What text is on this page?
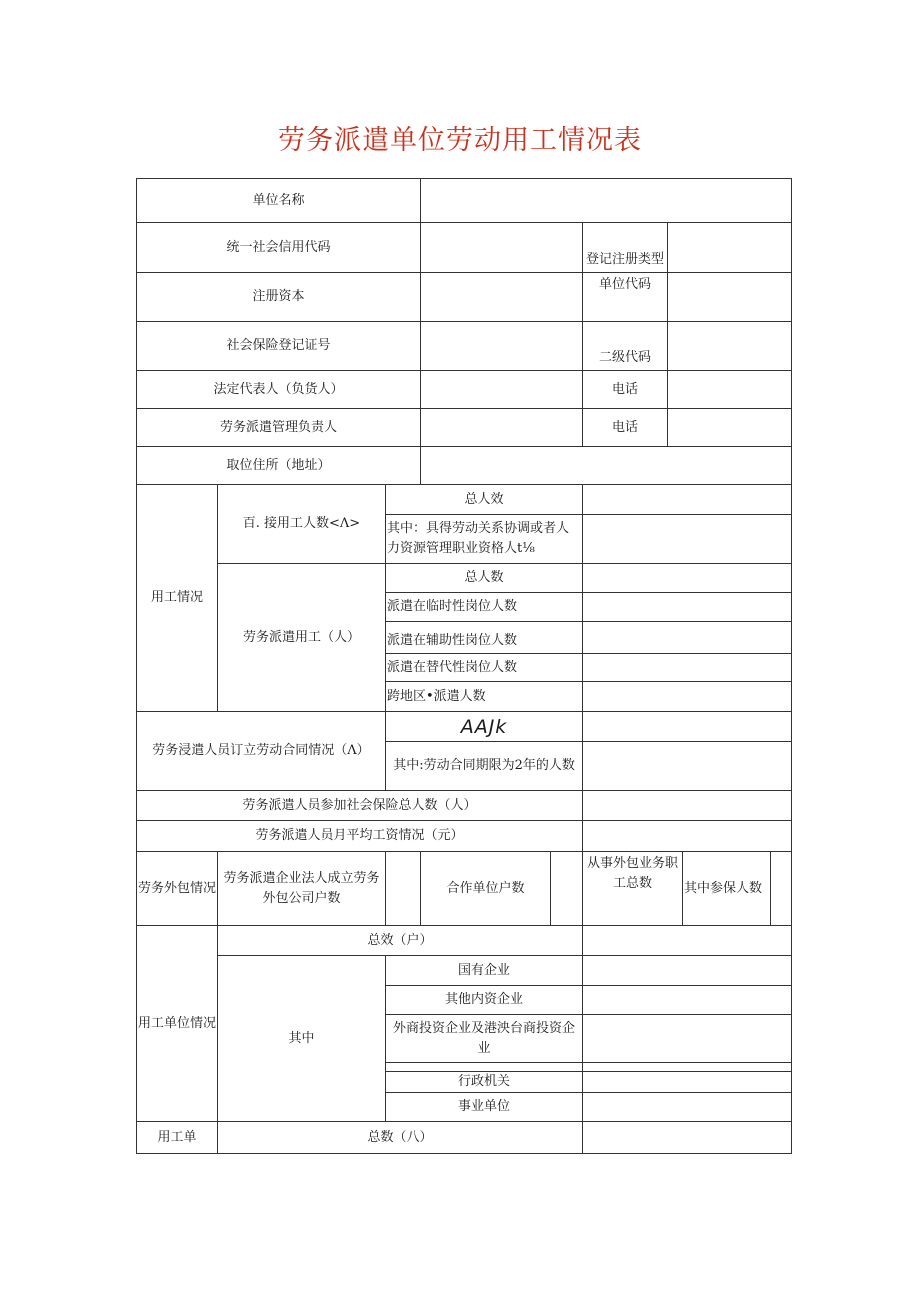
劳务派遣单位劳动用工情况表
单位名称								
统一社会信用代码					登记注册类型			
注册资本					单位代码			
社会保险登记证号					二级代码			
法定代表人（负货人）					电话			
劳务派遣管理负责人					电话			
取位住所（地址）								
用工情况	百. 接用工人数<Λ>	总人效						
		其中：具得劳动关系协调或者人力资源管理职业资格人t⅛						
	劳务派遣用工（人）	总人数						
		派遣在临时性岗位人数						
		派遣在辅助性岗位人数						
		派遣在替代性岗位人数						
		跨地区•派遣人数						
劳务浸遣人员订立劳动合同情况（Λ）		AAJk						
		其中:劳动合同期限为2年的人数						
劳务派遣人员参加社会保险总人数（人）								
劳务派遣人员月平均工资情况（元）								
劳务外包情况	劳务派遣企业法人成立劳务外包公司户数		合作单位户数		从事外包业务职工总数		其中参保人数	
用工单位情况	总效（户）							
	其中	国有企业						
		其他内资企业						
		外商投资企业及港泱台商投资企业						

		行政机关						
		事业单位						
用工单	总数（八）							
